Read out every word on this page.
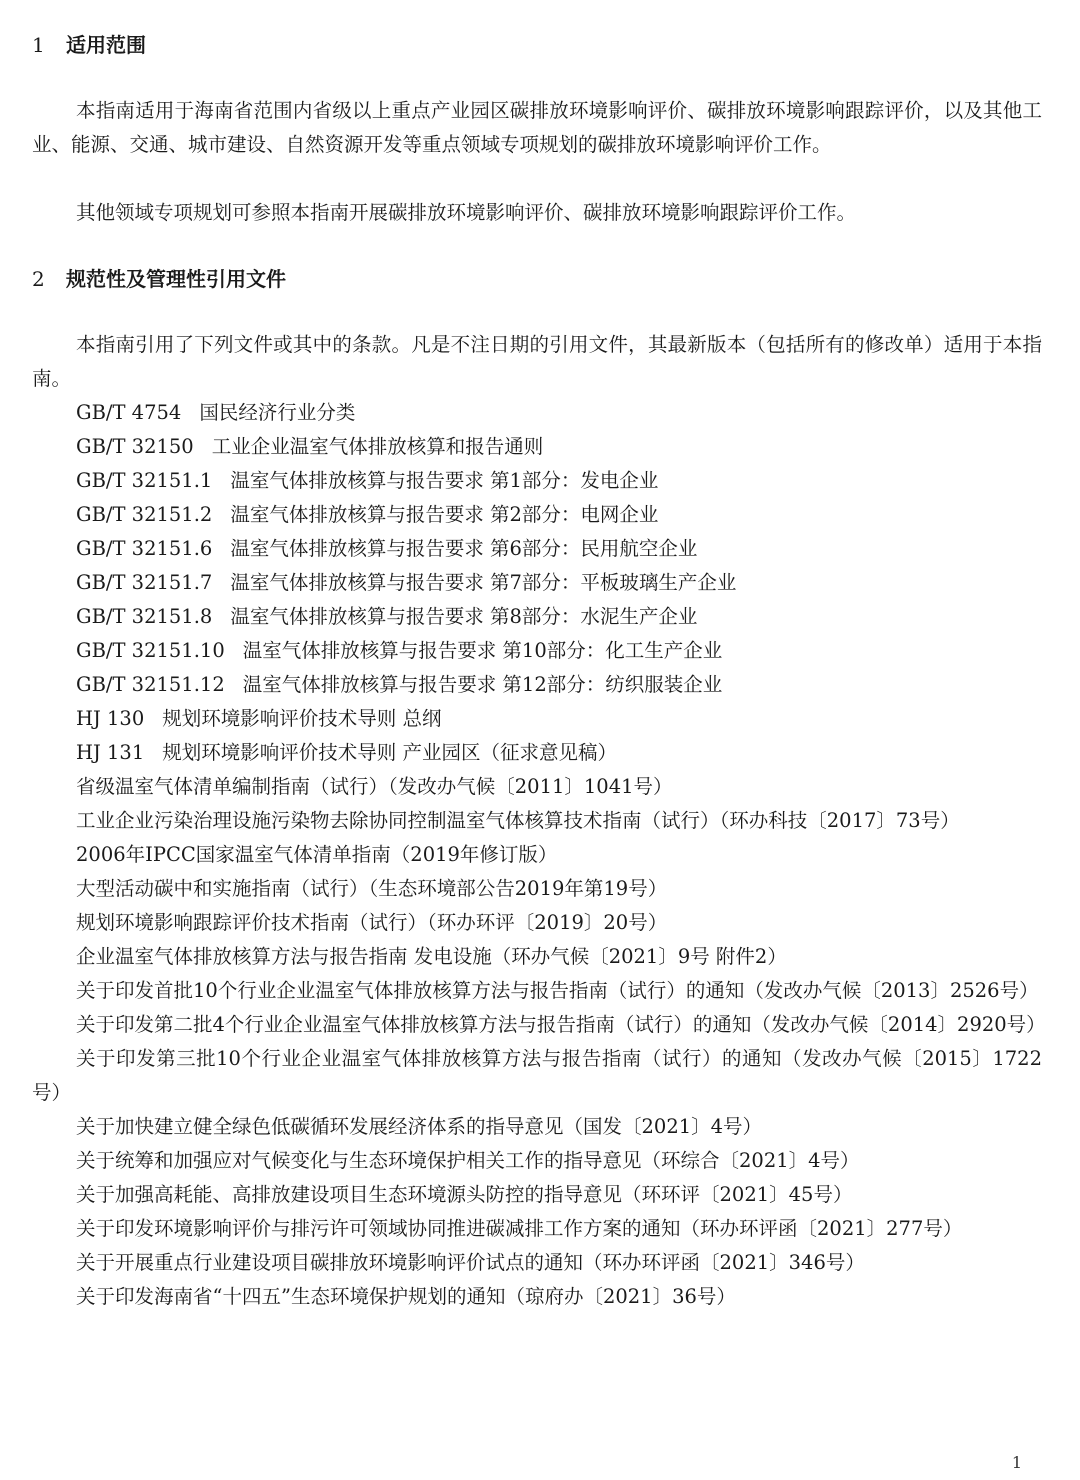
1 适用范围

本指南适用于海南省范围内省级以上重点产业园区碳排放环境影响评价、碳排放环境影响跟踪评价，以及其他工业、能源、交通、城市建设、自然资源开发等重点领域专项规划的碳排放环境影响评价工作。

其他领域专项规划可参照本指南开展碳排放环境影响评价、碳排放环境影响跟踪评价工作。

2 规范性及管理性引用文件

本指南引用了下列文件或其中的条款。凡是不注日期的引用文件，其最新版本（包括所有的修改单）适用于本指南。

GB/T 4754 国民经济行业分类
GB/T 32150 工业企业温室气体排放核算和报告通则
GB/T 32151.1 温室气体排放核算与报告要求 第1部分：发电企业
GB/T 32151.2 温室气体排放核算与报告要求 第2部分：电网企业
GB/T 32151.6 温室气体排放核算与报告要求 第6部分：民用航空企业
GB/T 32151.7 温室气体排放核算与报告要求 第7部分：平板玻璃生产企业
GB/T 32151.8 温室气体排放核算与报告要求 第8部分：水泥生产企业
GB/T 32151.10 温室气体排放核算与报告要求 第10部分：化工生产企业
GB/T 32151.12 温室气体排放核算与报告要求 第12部分：纺织服装企业
HJ 130 规划环境影响评价技术导则 总纲
HJ 131 规划环境影响评价技术导则 产业园区（征求意见稿）
省级温室气体清单编制指南（试行）（发改办气候〔2011〕1041号）
工业企业污染治理设施污染物去除协同控制温室气体核算技术指南（试行）（环办科技〔2017〕73号）
2006年IPCC国家温室气体清单指南（2019年修订版）
大型活动碳中和实施指南（试行）（生态环境部公告2019年第19号）
规划环境影响跟踪评价技术指南（试行）（环办环评〔2019〕20号）
企业温室气体排放核算方法与报告指南 发电设施（环办气候〔2021〕9号 附件2）
关于印发首批10个行业企业温室气体排放核算方法与报告指南（试行）的通知（发改办气候〔2013〕2526号）
关于印发第二批4个行业企业温室气体排放核算方法与报告指南（试行）的通知（发改办气候〔2014〕2920号）
关于印发第三批10个行业企业温室气体排放核算方法与报告指南（试行）的通知（发改办气候〔2015〕1722号）
关于加快建立健全绿色低碳循环发展经济体系的指导意见（国发〔2021〕4号）
关于统筹和加强应对气候变化与生态环境保护相关工作的指导意见（环综合〔2021〕4号）
关于加强高耗能、高排放建设项目生态环境源头防控的指导意见（环环评〔2021〕45号）
关于印发环境影响评价与排污许可领域协同推进碳减排工作方案的通知（环办环评函〔2021〕277号）
关于开展重点行业建设项目碳排放环境影响评价试点的通知（环办环评函〔2021〕346号）
关于印发海南省“十四五”生态环境保护规划的通知（琼府办〔2021〕36号）
1
